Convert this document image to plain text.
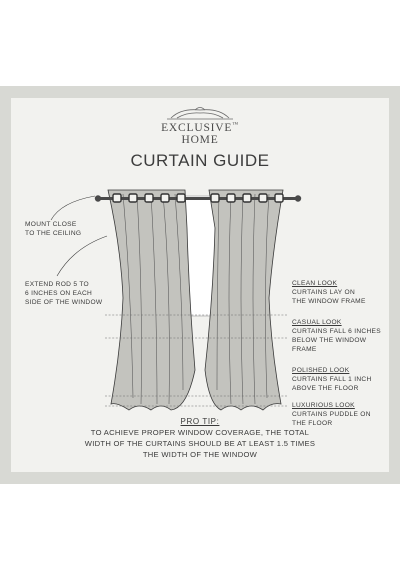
EXCLUSIVE™
HOME
CURTAIN GUIDE
MOUNT CLOSE
TO THE CEILING
EXTEND ROD 5 TO
6 INCHES ON EACH
SIDE OF THE WINDOW
CLEAN LOOK
CURTAINS LAY ON
THE WINDOW FRAME
CASUAL LOOK
CURTAINS FALL 6 INCHES
BELOW THE WINDOW FRAME
POLISHED LOOK
CURTAINS FALL 1 INCH
ABOVE THE FLOOR
LUXURIOUS LOOK
CURTAINS PUDDLE ON
THE FLOOR
PRO TIP:
TO ACHIEVE PROPER WINDOW COVERAGE, THE TOTAL
WIDTH OF THE CURTAINS SHOULD BE AT LEAST 1.5 TIMES
THE WIDTH OF THE WINDOW
